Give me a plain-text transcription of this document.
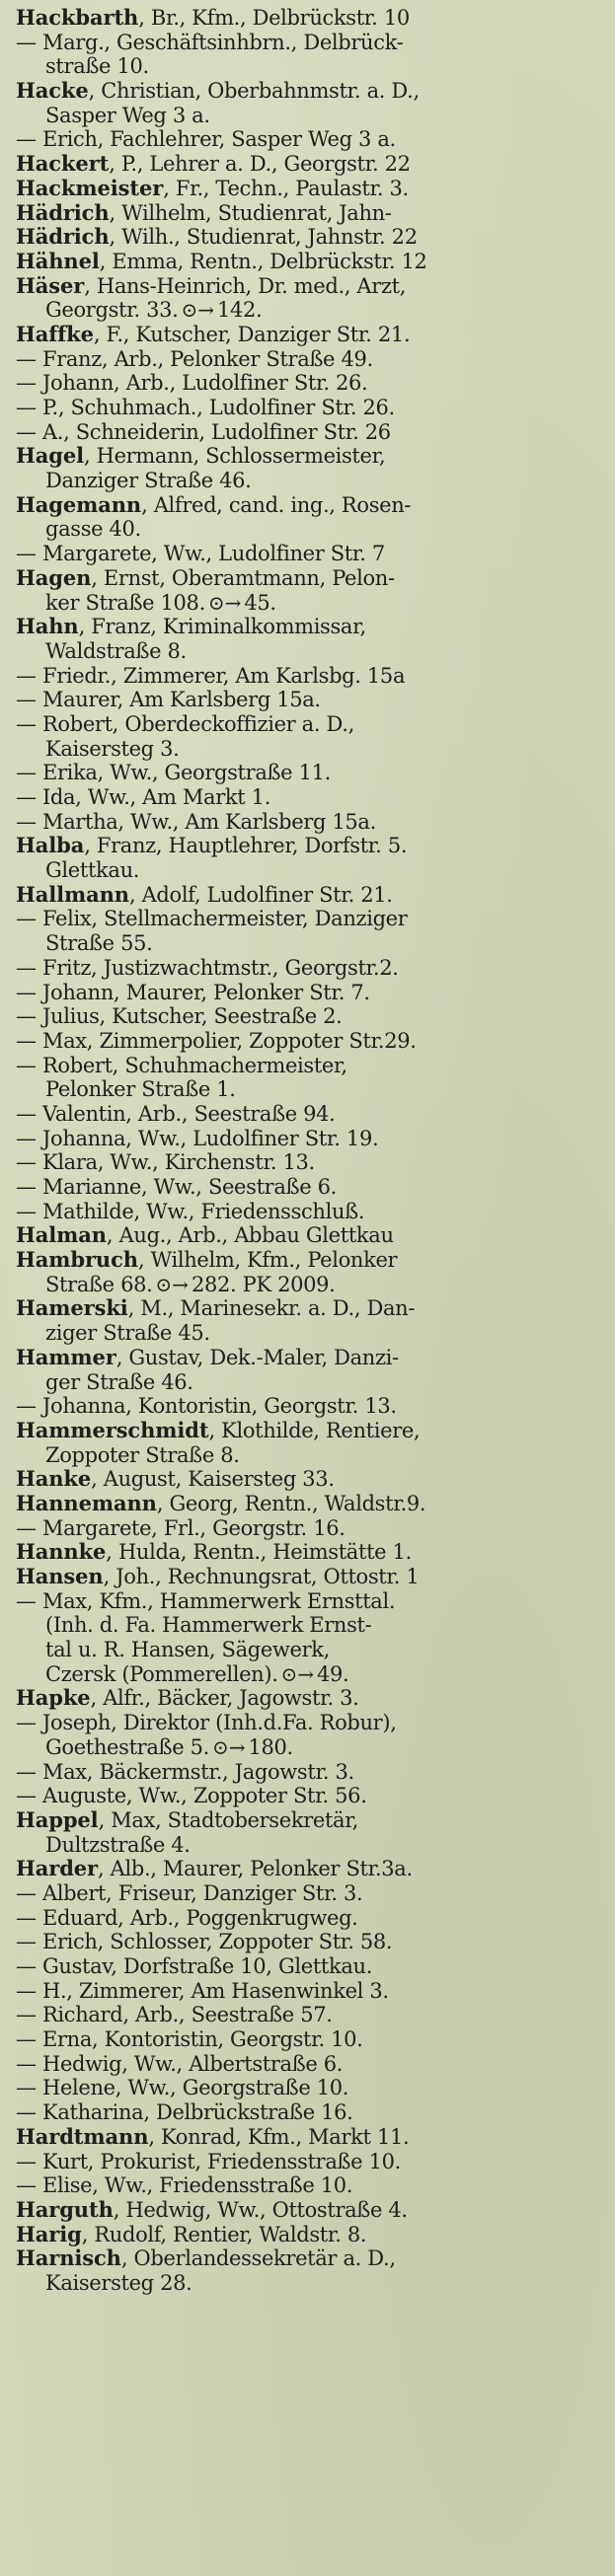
Hackbarth, Br., Kfm., Delbrückstr. 10
— Marg., Geschäftsinhbrn., Delbrück-
straße 10.
Hacke, Christian, Oberbahnmstr. a. D.,
Sasper Weg 3 a.
— Erich, Fachlehrer, Sasper Weg 3 a.
Hackert, P., Lehrer a. D., Georgstr. 22
Hackmeister, Fr., Techn., Paulastr. 3.
Hädrich, Wilhelm, Studienrat, Jahn-
Hädrich, Wilh., Studienrat, Jahnstr. 22
Hähnel, Emma, Rentn., Delbrückstr. 12
Häser, Hans-Heinrich, Dr. med., Arzt,
Georgstr. 33. ⊙→ 142.
Haffke, F., Kutscher, Danziger Str. 21.
— Franz, Arb., Pelonker Straße 49.
— Johann, Arb., Ludolfiner Str. 26.
— P., Schuhmach., Ludolfiner Str. 26.
— A., Schneiderin, Ludolfiner Str. 26
Hagel, Hermann, Schlossermeister,
Danziger Straße 46.
Hagemann, Alfred, cand. ing., Rosen-
gasse 40.
— Margarete, Ww., Ludolfiner Str. 7
Hagen, Ernst, Oberamtmann, Pelon-
ker Straße 108. ⊙→ 45.
Hahn, Franz, Kriminalkommissar,
Waldstraße 8.
— Friedr., Zimmerer, Am Karlsbg. 15a
— Maurer, Am Karlsberg 15a.
— Robert, Oberdeckoffizier a. D.,
Kaisersteg 3.
— Erika, Ww., Georgstraße 11.
— Ida, Ww., Am Markt 1.
— Martha, Ww., Am Karlsberg 15a.
Halba, Franz, Hauptlehrer, Dorfstr. 5.
Glettkau.
Hallmann, Adolf, Ludolfiner Str. 21.
— Felix, Stellmachermeister, Danziger
Straße 55.
— Fritz, Justizwachtmstr., Georgstr.2.
— Johann, Maurer, Pelonker Str. 7.
— Julius, Kutscher, Seestraße 2.
— Max, Zimmerpolier, Zoppoter Str.29.
— Robert, Schuhmachermeister,
Pelonker Straße 1.
— Valentin, Arb., Seestraße 94.
— Johanna, Ww., Ludolfiner Str. 19.
— Klara, Ww., Kirchenstr. 13.
— Marianne, Ww., Seestraße 6.
— Mathilde, Ww., Friedensschluß.
Halman, Aug., Arb., Abbau Glettkau
Hambruch, Wilhelm, Kfm., Pelonker
Straße 68. ⊙→ 282. PK 2009.
Hamerski, M., Marinesekr. a. D., Dan-
ziger Straße 45.
Hammer, Gustav, Dek.-Maler, Danzi-
ger Straße 46.
— Johanna, Kontoristin, Georgstr. 13.
Hammerschmidt, Klothilde, Rentiere,
Zoppoter Straße 8.
Hanke, August, Kaisersteg 33.
Hannemann, Georg, Rentn., Waldstr.9.
— Margarete, Frl., Georgstr. 16.
Hannke, Hulda, Rentn., Heimstätte 1.
Hansen, Joh., Rechnungsrat, Ottostr. 1
— Max, Kfm., Hammerwerk Ernsttal.
(Inh. d. Fa. Hammerwerk Ernst-
tal u. R. Hansen, Sägewerk,
Czersk (Pommerellen). ⊙→ 49.
Hapke, Alfr., Bäcker, Jagowstr. 3.
— Joseph, Direktor (Inh.d.Fa. Robur),
Goethestraße 5. ⊙→ 180.
— Max, Bäckermstr., Jagowstr. 3.
— Auguste, Ww., Zoppoter Str. 56.
Happel, Max, Stadtobersekretär,
Dultzstraße 4.
Harder, Alb., Maurer, Pelonker Str.3a.
— Albert, Friseur, Danziger Str. 3.
— Eduard, Arb., Poggenkrugweg.
— Erich, Schlosser, Zoppoter Str. 58.
— Gustav, Dorfstraße 10, Glettkau.
— H., Zimmerer, Am Hasenwinkel 3.
— Richard, Arb., Seestraße 57.
— Erna, Kontoristin, Georgstr. 10.
— Hedwig, Ww., Albertstraße 6.
— Helene, Ww., Georgstraße 10.
— Katharina, Delbrückstraße 16.
Hardtmann, Konrad, Kfm., Markt 11.
— Kurt, Prokurist, Friedensstraße 10.
— Elise, Ww., Friedensstraße 10.
Harguth, Hedwig, Ww., Ottostraße 4.
Harig, Rudolf, Rentier, Waldstr. 8.
Harnisch, Oberlandessekretär a. D.,
Kaisersteg 28.
